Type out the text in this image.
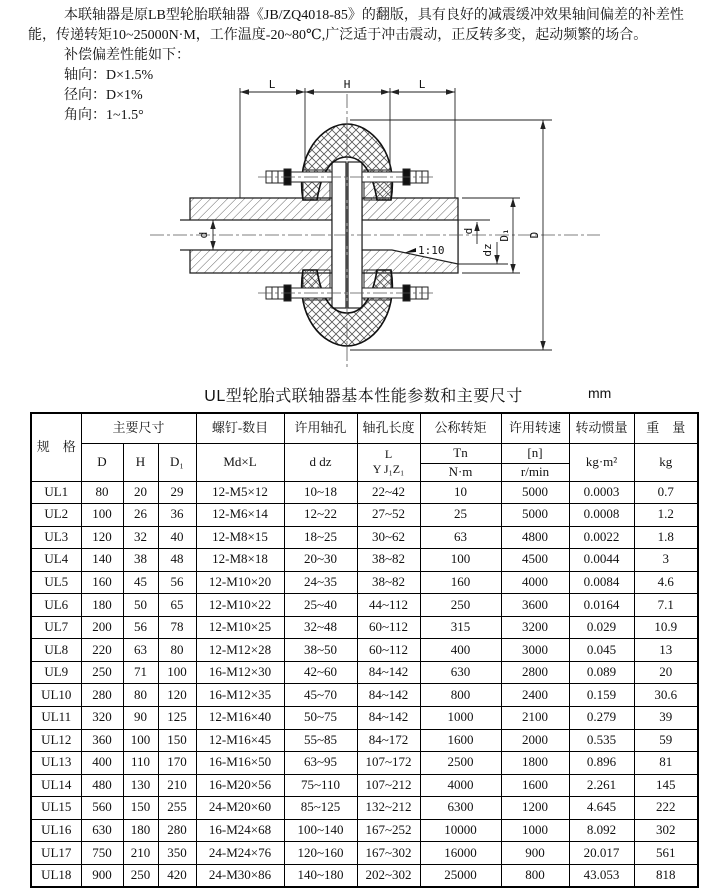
本联轴器是原LB型轮胎联轴器《JB/ZQ4018-85》的翻版，具有良好的减震缓冲效果轴间偏差的补差性
能，传递转矩10~25000N·M，工作温度-20~80℃,广泛适于冲击震动，正反转多变，起动频繁的场合。
补偿偏差性能如下：
轴向：D×1.5%
径向：D×1%
角向：1~1.5°
1:10
L	H	L
d
d
dz
D₁ D
UL型轮胎式联轴器基本性能参数和主要尺寸	mm
规　格	主要尺寸			螺钉-数目	许用轴孔	轴孔长度	公称转矩	许用转速	转动惯量	重　量
	D	H	D₁	Md×L	d dz	L
Y J₁Z₁	Tn	[n]	kg·m²	kg
							N·m	r/min		
UL1	80	20	29	12-M5×12	10~18	22~42	10	5000	0.0003	0.7
UL2	100	26	36	12-M6×14	12~22	27~52	25	5000	0.0008	1.2
UL3	120	32	40	12-M8×15	18~25	30~62	63	4800	0.0022	1.8
UL4	140	38	48	12-M8×18	20~30	38~82	100	4500	0.0044	3
UL5	160	45	56	12-M10×20	24~35	38~82	160	4000	0.0084	4.6
UL6	180	50	65	12-M10×22	25~40	44~112	250	3600	0.0164	7.1
UL7	200	56	78	12-M10×25	32~48	60~112	315	3200	0.029	10.9
UL8	220	63	80	12-M12×28	38~50	60~112	400	3000	0.045	13
UL9	250	71	100	16-M12×30	42~60	84~142	630	2800	0.089	20
UL10	280	80	120	16-M12×35	45~70	84~142	800	2400	0.159	30.6
UL11	320	90	125	12-M16×40	50~75	84~142	1000	2100	0.279	39
UL12	360	100	150	12-M16×45	55~85	84~172	1600	2000	0.535	59
UL13	400	110	170	16-M16×50	63~95	107~172	2500	1800	0.896	81
UL14	480	130	210	16-M20×56	75~110	107~212	4000	1600	2.261	145
UL15	560	150	255	24-M20×60	85~125	132~212	6300	1200	4.645	222
UL16	630	180	280	16-M24×68	100~140	167~252	10000	1000	8.092	302
UL17	750	210	350	24-M24×76	120~160	167~302	16000	900	20.017	561
UL18	900	250	420	24-M30×86	140~180	202~302	25000	800	43.053	818
